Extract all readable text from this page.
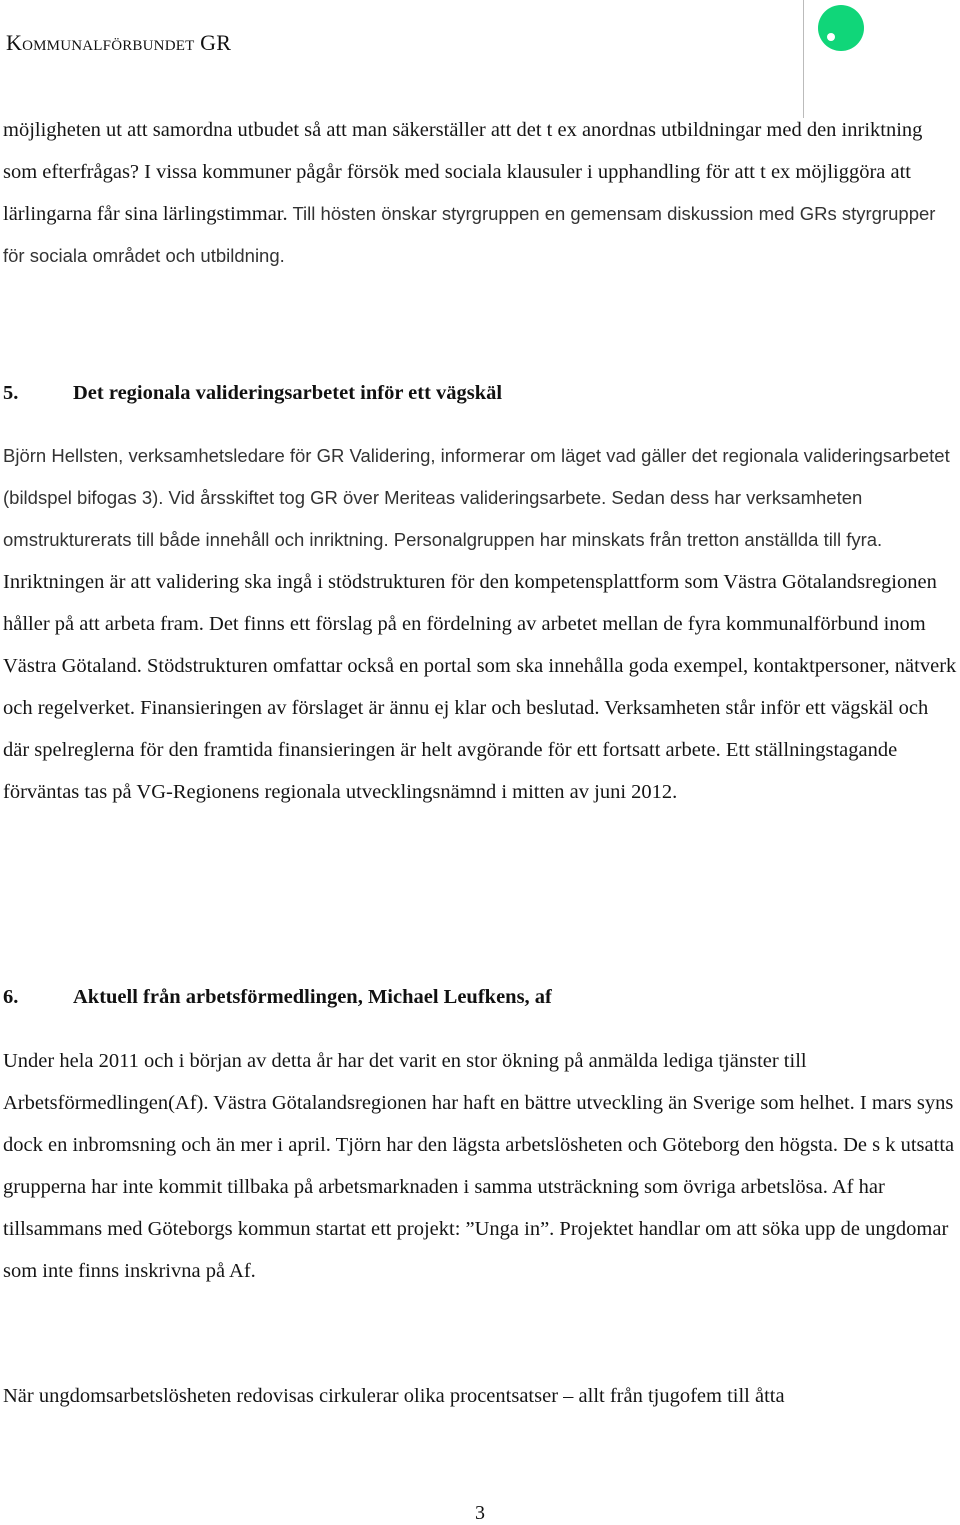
Kommunalförbundet GR

möjligheten ut att samordna utbudet så att man säkerställer att det t ex anordnas utbildningar med den inriktning som efterfrågas? I vissa kommuner pågår försök med sociala klausuler i upphandling för att t ex möjliggöra att lärlingarna får sina lärlingstimmar. Till hösten önskar styrgruppen en gemensam diskussion med GRs styrgrupper för sociala området och utbildning.

5.	Det regionala valideringsarbetet inför ett vägskäl

Björn Hellsten, verksamhetsledare för GR Validering, informerar om läget vad gäller det regionala valideringsarbetet (bildspel bifogas 3). Vid årsskiftet tog GR över Meriteas valideringsarbete. Sedan dess har verksamheten omstrukturerats till både innehåll och inriktning. Personalgruppen har minskats från tretton anställda till fyra. Inriktningen är att validering ska ingå i stödstrukturen för den kompetensplattform som Västra Götalandsregionen håller på att arbeta fram. Det finns ett förslag på en fördelning av arbetet mellan de fyra kommunalförbund inom Västra Götaland. Stödstrukturen omfattar också en portal som ska innehålla goda exempel, kontaktpersoner, nätverk och regelverket. Finansieringen av förslaget är ännu ej klar och beslutad. Verksamheten står inför ett vägskäl och där spelreglerna för den framtida finansieringen är helt avgörande för ett fortsatt arbete. Ett ställningstagande förväntas tas på VG-Regionens regionala utvecklingsnämnd i mitten av juni 2012.

6.	Aktuell från arbetsförmedlingen, Michael Leufkens, af

Under hela 2011 och i början av detta år har det varit en stor ökning på anmälda lediga tjänster till Arbetsförmedlingen(Af). Västra Götalandsregionen har haft en bättre utveckling än Sverige som helhet. I mars syns dock en inbromsning och än mer i april. Tjörn har den lägsta arbetslösheten och Göteborg den högsta. De s k utsatta grupperna har inte kommit tillbaka på arbetsmarknaden i samma utsträckning som övriga arbetslösa. Af har tillsammans med Göteborgs kommun startat ett projekt: ”Unga in”. Projektet handlar om att söka upp de ungdomar som inte finns inskrivna på Af.

När ungdomsarbetslösheten redovisas cirkulerar olika procentsatser – allt från tjugofem till åtta

3
